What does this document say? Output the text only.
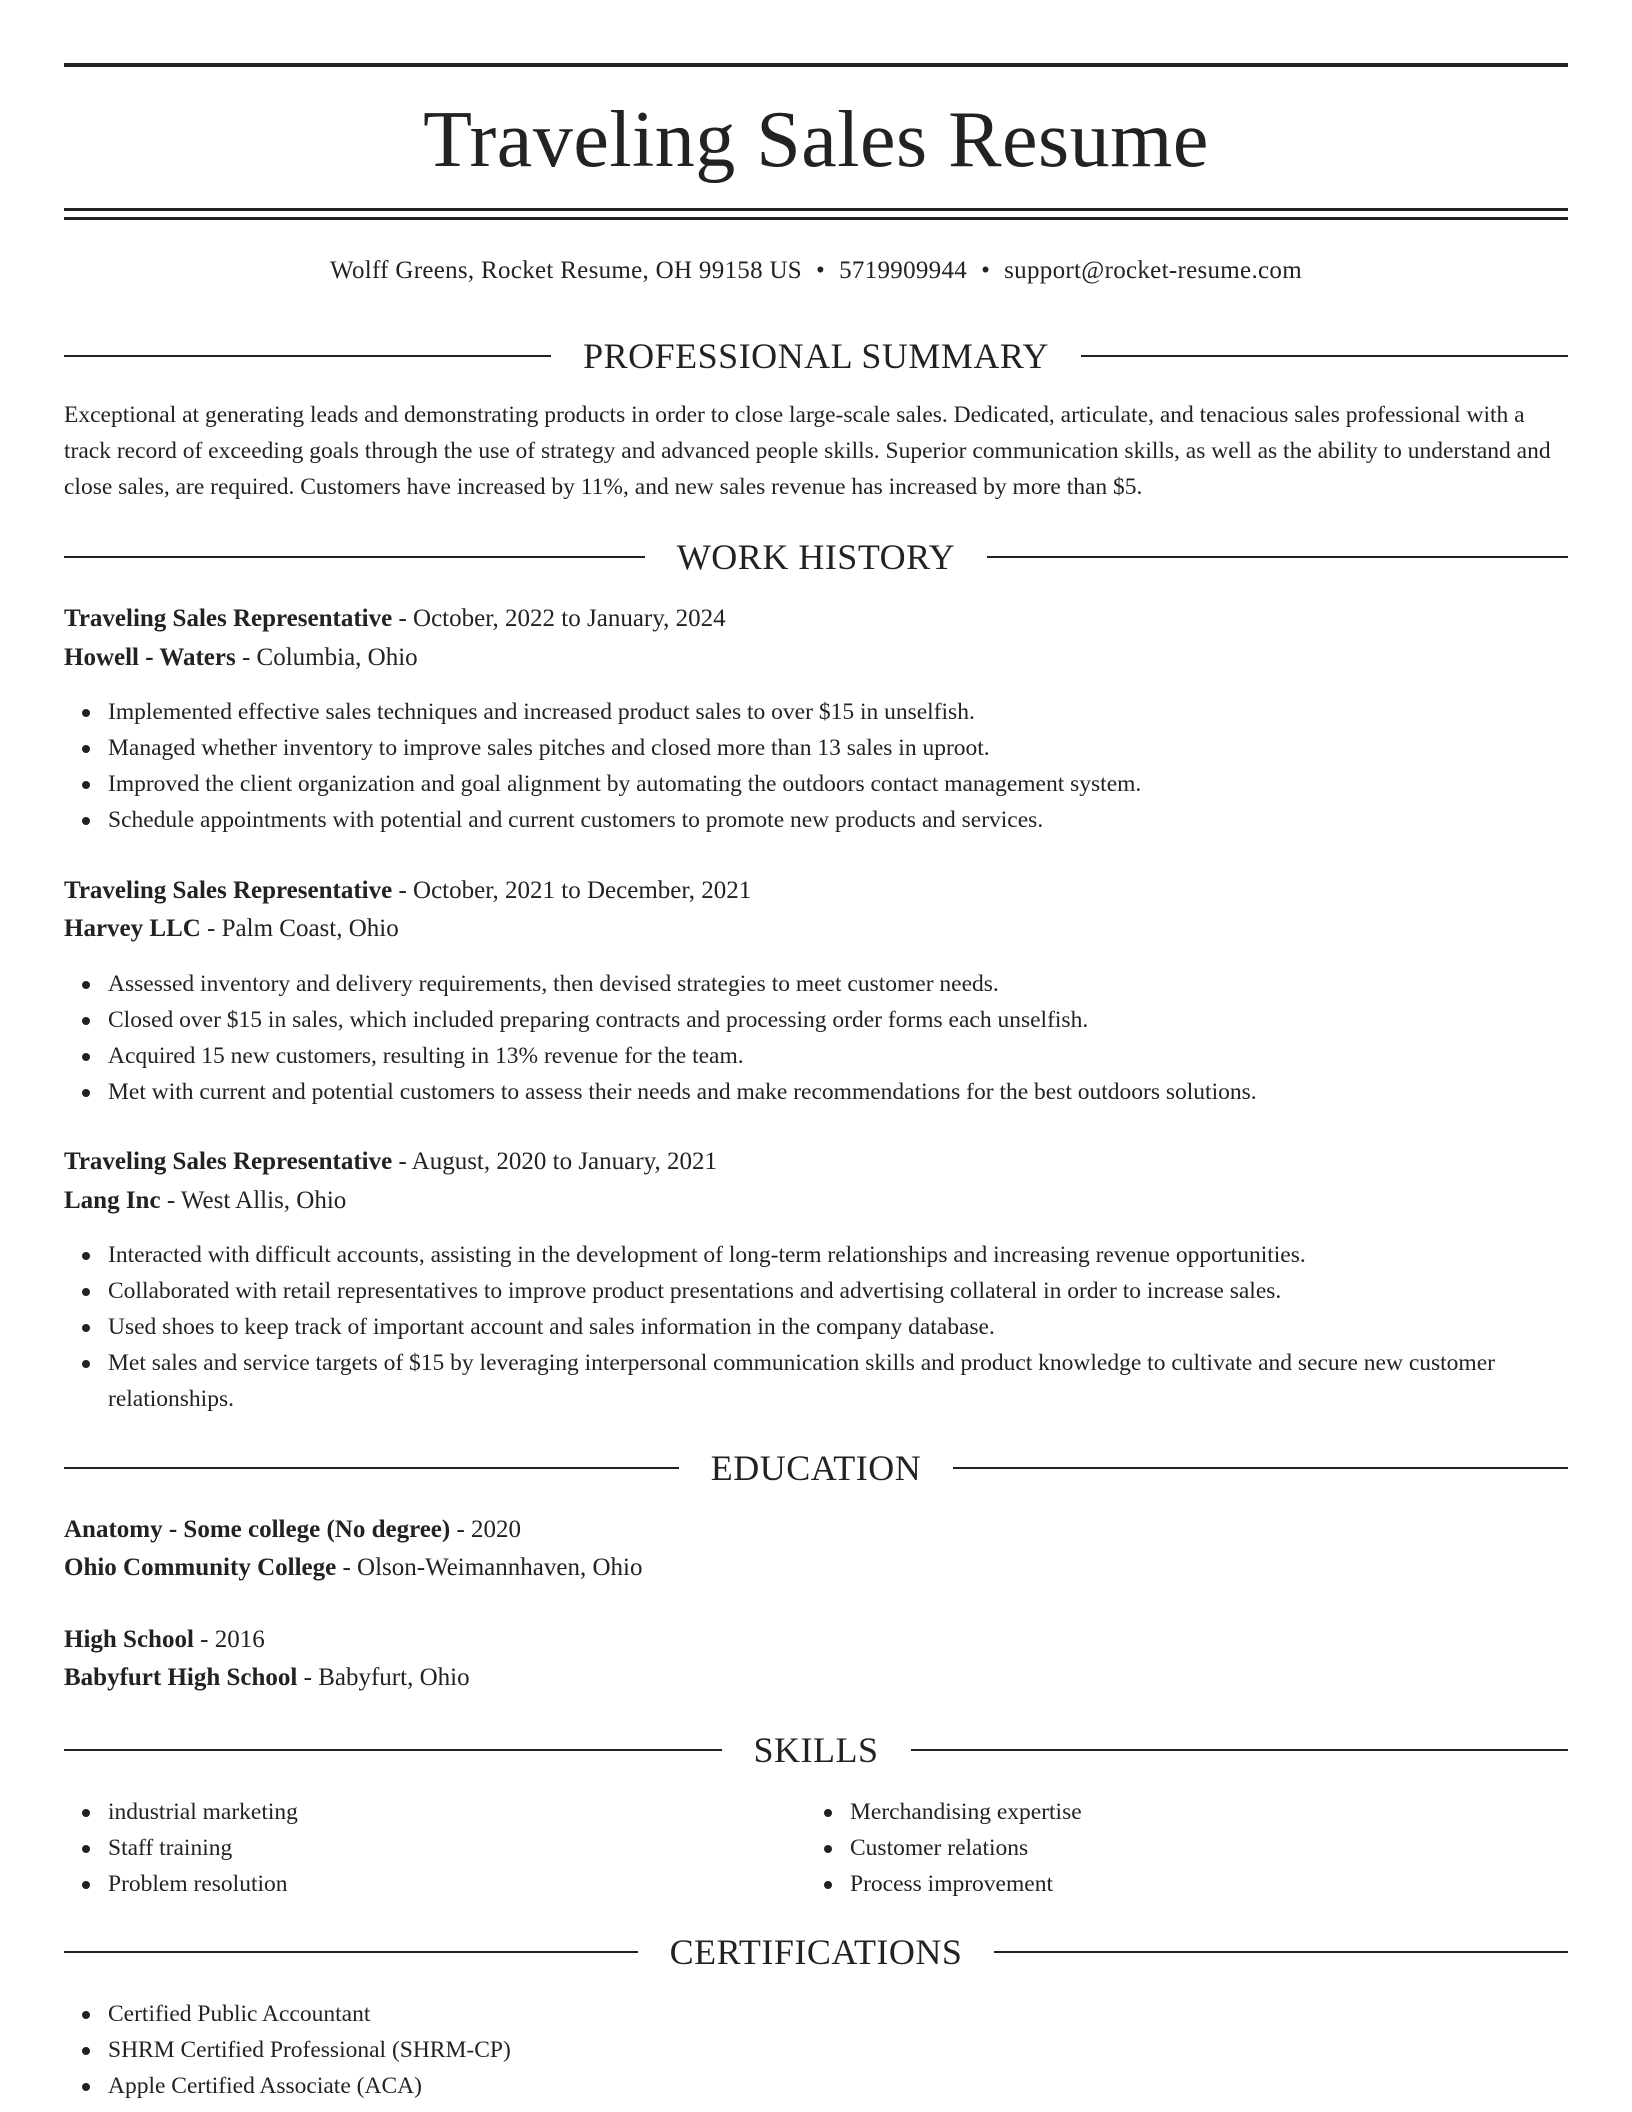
Traveling Sales Resume
Wolff Greens, Rocket Resume, OH 99158 US • 5719909944 • support@rocket-resume.com
PROFESSIONAL SUMMARY

Exceptional at generating leads and demonstrating products in order to close large-scale sales. Dedicated, articulate, and tenacious sales professional with a track record of exceeding goals through the use of strategy and advanced people skills. Superior communication skills, as well as the ability to understand and close sales, are required. Customers have increased by 11%, and new sales revenue has increased by more than $5.

WORK HISTORY
Traveling Sales Representative - October, 2022 to January, 2024
Howell - Waters - Columbia, Ohio
Implemented effective sales techniques and increased product sales to over $15 in unselfish.
Managed whether inventory to improve sales pitches and closed more than 13 sales in uproot.
Improved the client organization and goal alignment by automating the outdoors contact management system.
Schedule appointments with potential and current customers to promote new products and services.
Traveling Sales Representative - October, 2021 to December, 2021
Harvey LLC - Palm Coast, Ohio
Assessed inventory and delivery requirements, then devised strategies to meet customer needs.
Closed over $15 in sales, which included preparing contracts and processing order forms each unselfish.
Acquired 15 new customers, resulting in 13% revenue for the team.
Met with current and potential customers to assess their needs and make recommendations for the best outdoors solutions.
Traveling Sales Representative - August, 2020 to January, 2021
Lang Inc - West Allis, Ohio
Interacted with difficult accounts, assisting in the development of long-term relationships and increasing revenue opportunities.
Collaborated with retail representatives to improve product presentations and advertising collateral in order to increase sales.
Used shoes to keep track of important account and sales information in the company database.
Met sales and service targets of $15 by leveraging interpersonal communication skills and product knowledge to cultivate and secure new customer relationships.
EDUCATION
Anatomy - Some college (No degree) - 2020
Ohio Community College - Olson-Weimannhaven, Ohio
High School - 2016
Babyfurt High School - Babyfurt, Ohio
SKILLS
industrial marketing
Staff training
Problem resolution
Merchandising expertise
Customer relations
Process improvement
CERTIFICATIONS
Certified Public Accountant
SHRM Certified Professional (SHRM-CP)
Apple Certified Associate (ACA)
